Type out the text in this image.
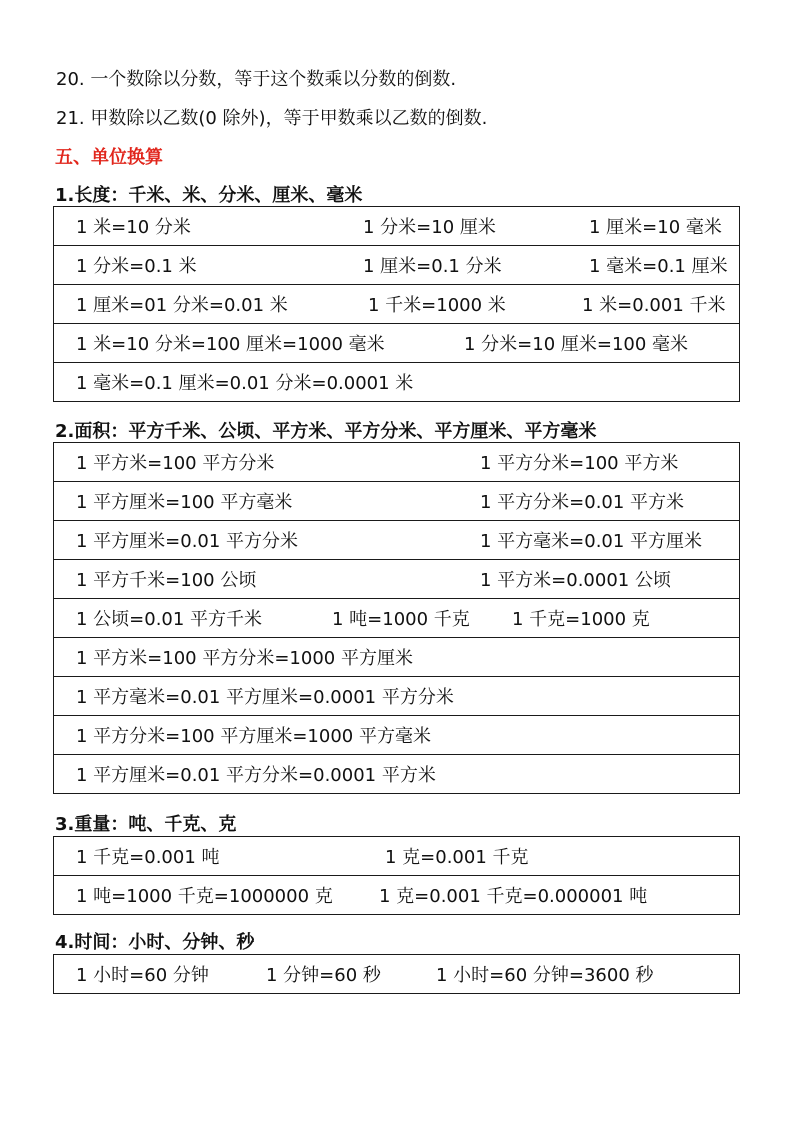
20. 一个数除以分数，等于这个数乘以分数的倒数.
21. 甲数除以乙数(0 除外)，等于甲数乘以乙数的倒数.
五、单位换算
1.长度：千米、米、分米、厘米、毫米
1 米=10 分米	1 分米=10 厘米	1 厘米=10 毫米

1 分米=0.1 米	1 厘米=0.1 分米	1 毫米=0.1 厘米

1 厘米=01 分米=0.01 米	1 千米=1000 米	1 米=0.001 千米

1 米=10 分米=100 厘米=1000 毫米	1 分米=10 厘米=100 毫米

1 毫米=0.1 厘米=0.01 分米=0.0001 米
2.面积：平方千米、公顷、平方米、平方分米、平方厘米、平方毫米
1 平方米=100 平方分米	1 平方分米=100 平方米

1 平方厘米=100 平方毫米	1 平方分米=0.01 平方米

1 平方厘米=0.01 平方分米	1 平方毫米=0.01 平方厘米

1 平方千米=100 公顷	1 平方米=0.0001 公顷

1 公顷=0.01 平方千米	1 吨=1000 千克 1 千克=1000 克

1 平方米=100 平方分米=1000 平方厘米

1 平方毫米=0.01 平方厘米=0.0001 平方分米

1 平方分米=100 平方厘米=1000 平方毫米

1 平方厘米=0.01 平方分米=0.0001 平方米
3.重量：吨、千克、克
1 千克=0.001 吨	1 克=0.001 千克

1 吨=1000 千克=1000000 克	1 克=0.001 千克=0.000001 吨
4.时间：小时、分钟、秒
1 小时=60 分钟	1 分钟=60 秒	1 小时=60 分钟=3600 秒
